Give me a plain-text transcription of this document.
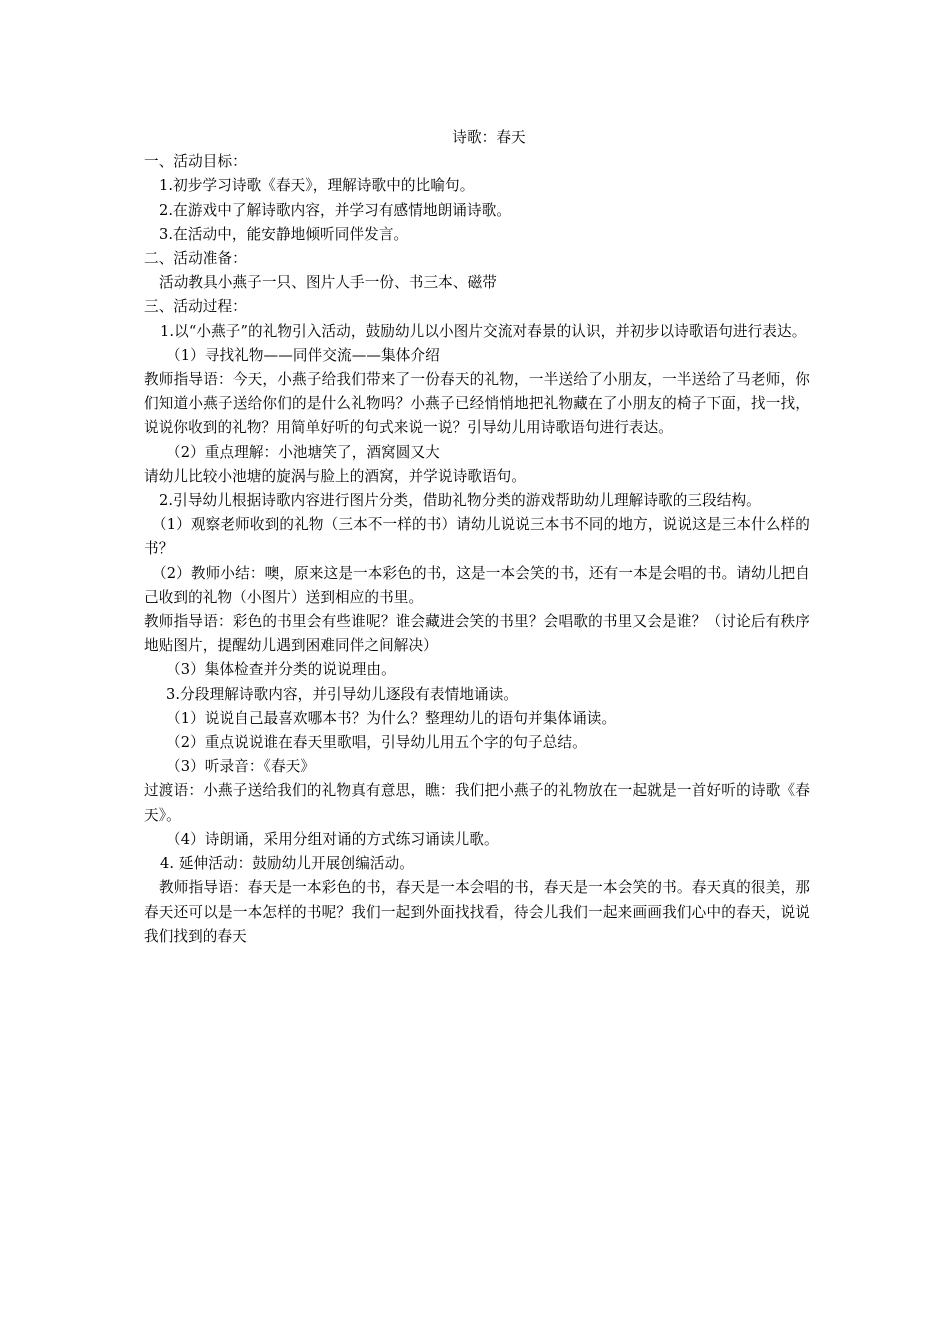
诗歌：春天

一、活动目标：

1.初步学习诗歌《春天》，理解诗歌中的比喻句。

2.在游戏中了解诗歌内容，并学习有感情地朗诵诗歌。

3.在活动中，能安静地倾听同伴发言。

二、活动准备：

活动教具小燕子一只、图片人手一份、书三本、磁带

三、活动过程：

1.以“小燕子”的礼物引入活动，鼓励幼儿以小图片交流对春景的认识，并初步以诗歌语句进行表达。

（1）寻找礼物——同伴交流——集体介绍

教师指导语：今天，小燕子给我们带来了一份春天的礼物，一半送给了小朋友，一半送给了马老师，你们知道小燕子送给你们的是什么礼物吗？小燕子已经悄悄地把礼物藏在了小朋友的椅子下面，找一找，说说你收到的礼物？用简单好听的句式来说一说？引导幼儿用诗歌语句进行表达。

（2）重点理解：小池塘笑了，酒窝圆又大

请幼儿比较小池塘的旋涡与脸上的酒窝，并学说诗歌语句。

2.引导幼儿根据诗歌内容进行图片分类，借助礼物分类的游戏帮助幼儿理解诗歌的三段结构。

（1）观察老师收到的礼物（三本不一样的书）请幼儿说说三本书不同的地方，说说这是三本什么样的书？

（2）教师小结：噢，原来这是一本彩色的书，这是一本会笑的书，还有一本是会唱的书。请幼儿把自己收到的礼物（小图片）送到相应的书里。

教师指导语：彩色的书里会有些谁呢？谁会藏进会笑的书里？会唱歌的书里又会是谁？（讨论后有秩序地贴图片，提醒幼儿遇到困难同伴之间解决）

（3）集体检查并分类的说说理由。

3.分段理解诗歌内容，并引导幼儿逐段有表情地诵读。

（1）说说自己最喜欢哪本书？为什么？整理幼儿的语句并集体诵读。

（2）重点说说谁在春天里歌唱，引导幼儿用五个字的句子总结。

（3）听录音：《春天》

过渡语：小燕子送给我们的礼物真有意思，瞧：我们把小燕子的礼物放在一起就是一首好听的诗歌《春天》。

（4）诗朗诵，采用分组对诵的方式练习诵读儿歌。

4. 延伸活动：鼓励幼儿开展创编活动。

教师指导语：春天是一本彩色的书，春天是一本会唱的书，春天是一本会笑的书。春天真的很美，那春天还可以是一本怎样的书呢？我们一起到外面找找看，待会儿我们一起来画画我们心中的春天，说说我们找到的春天
